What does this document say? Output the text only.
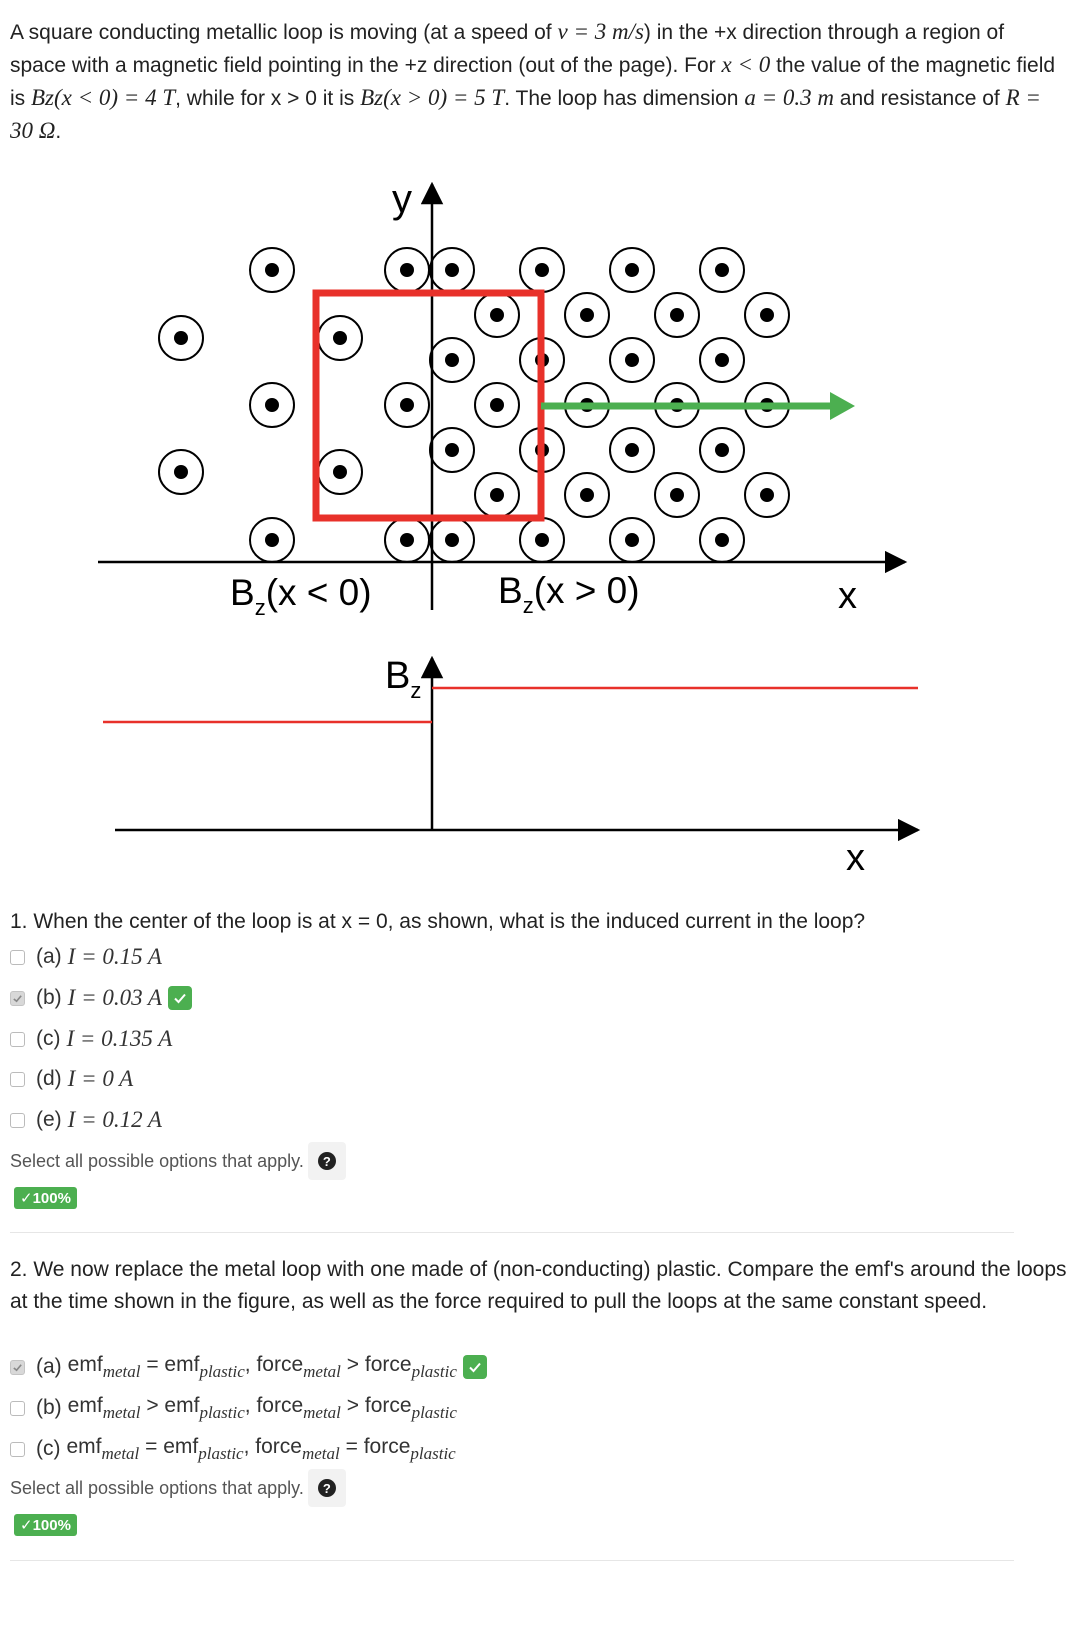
A square conducting metallic loop is moving (at a speed of v = 3 m/s) in the +x direction through a region of space with a magnetic field pointing in the +z direction (out of the page). For x < 0 the value of the magnetic field is Bz(x < 0) = 4 T, while for x > 0 it is Bz(x > 0) = 5 T. The loop has dimension a = 0.3 m and resistance of R = 30 Ω.
y
x
$B_z(x < 0)$	$B_z(x > 0)$
$B_z$
x
1. When the center of the loop is at x = 0, as shown, what is the induced current in the loop?
(a) I = 0.15 A
(b) I = 0.03 A
(c) I = 0.135 A
(d) I = 0 A
(e) I = 0.12 A
Select all possible options that apply.	?
✓100%
2. We now replace the metal loop with one made of (non-conducting) plastic. Compare the emf's around the loops at the time shown in the figure, as well as the force required to pull the loops at the same constant speed.
(a) emf$_{metal}$ = emf$_{plastic}$, force$_{metal}$ > force$_{plastic}$
(b) emf$_{metal}$ > emf$_{plastic}$, force$_{metal}$ > force$_{plastic}$
(c) emf$_{metal}$ = emf$_{plastic}$, force$_{metal}$ = force$_{plastic}$
Select all possible options that apply.	?
✓100%
